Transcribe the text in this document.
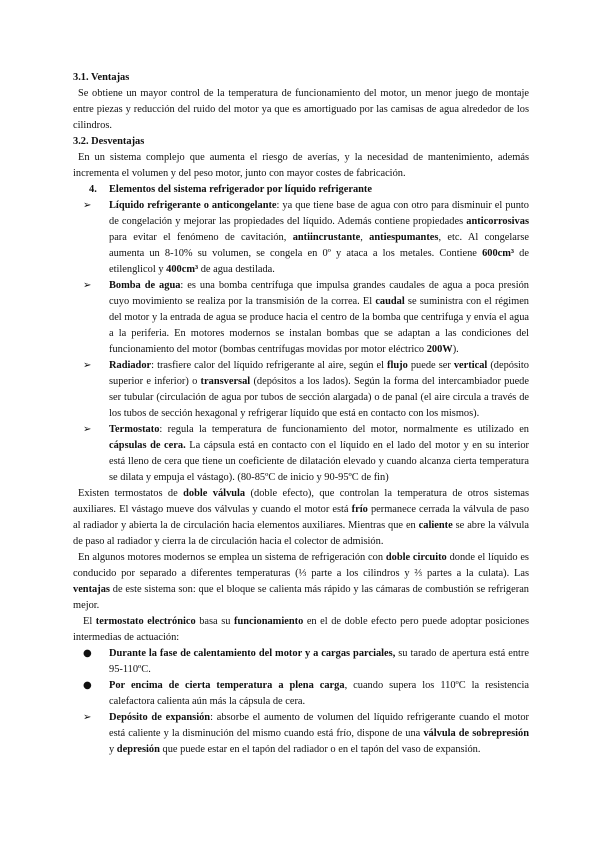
3.1. Ventajas

Se obtiene un mayor control de la temperatura de funcionamiento del motor, un menor juego de montaje entre piezas y reducción del ruido del motor ya que es amortiguado por las camisas de agua alrededor de los cilindros.

3.2. Desventajas

En un sistema complejo que aumenta el riesgo de averías, y la necesidad de mantenimiento, además incrementa el volumen y del peso motor, junto con mayor costes de fabricación.

4. Elementos del sistema refrigerador por líquido refrigerante

➢ Líquido refrigerante o anticongelante: ya que tiene base de agua con otro para disminuir el punto de congelación y mejorar las propiedades del líquido. Además contiene propiedades anticorrosivas para evitar el fenómeno de cavitación, antiincrustante, antiespumantes, etc. Al congelarse aumenta un 8-10% su volumen, se congela en 0º y ataca a los metales. Contiene 600cm³ de etilenglicol y 400cm³ de agua destilada.
➢ Bomba de agua: es una bomba centrífuga que impulsa grandes caudales de agua a poca presión cuyo movimiento se realiza por la transmisión de la correa. El caudal se suministra con el régimen del motor y la entrada de agua se produce hacia el centro de la bomba que centrifuga y envía el agua a la periferia. En motores modernos se instalan bombas que se adaptan a las condiciones del funcionamiento del motor (bombas centrífugas movidas por motor eléctrico 200W).
➢ Radiador: trasfiere calor del líquido refrigerante al aire, según el flujo puede ser vertical (depósito superior e inferior) o transversal (depósitos a los lados). Según la forma del intercambiador puede ser tubular (circulación de agua por tubos de sección alargada) o de panal (el aire circula a través de los tubos de sección hexagonal y refrigerar líquido que está en contacto con los mismos).
➢ Termostato: regula la temperatura de funcionamiento del motor, normalmente es utilizado en cápsulas de cera. La cápsula está en contacto con el líquido en el lado del motor y en su interior está lleno de cera que tiene un coeficiente de dilatación elevado y cuando alcanza cierta temperatura se dilata y empuja el vástago). (80-85ºC de inicio y 90-95ºC de fin)

Existen termostatos de doble válvula (doble efecto), que controlan la temperatura de otros sistemas auxiliares. El vástago mueve dos válvulas y cuando el motor está frío permanece cerrada la válvula de paso al radiador y abierta la de circulación hacia elementos auxiliares. Mientras que en caliente se abre la válvula de paso al radiador y cierra la de circulación hacia el colector de admisión.

En algunos motores modernos se emplea un sistema de refrigeración con doble circuito donde el líquido es conducido por separado a diferentes temperaturas (⅓ parte a los cilindros y ⅔ partes a la culata). Las ventajas de este sistema son: que el bloque se calienta más rápido y las cámaras de combustión se refrigeran mejor.

El termostato electrónico basa su funcionamiento en el de doble efecto pero puede adoptar posiciones intermedias de actuación:

● Durante la fase de calentamiento del motor y a cargas parciales, su tarado de apertura está entre 95-110ºC.
● Por encima de cierta temperatura a plena carga, cuando supera los 110ºC la resistencia calefactora calienta aún más la cápsula de cera.
➢ Depósito de expansión: absorbe el aumento de volumen del líquido refrigerante cuando el motor está caliente y la disminución del mismo cuando está frío, dispone de una válvula de sobrepresión y depresión que puede estar en el tapón del radiador o en el tapón del vaso de expansión.
